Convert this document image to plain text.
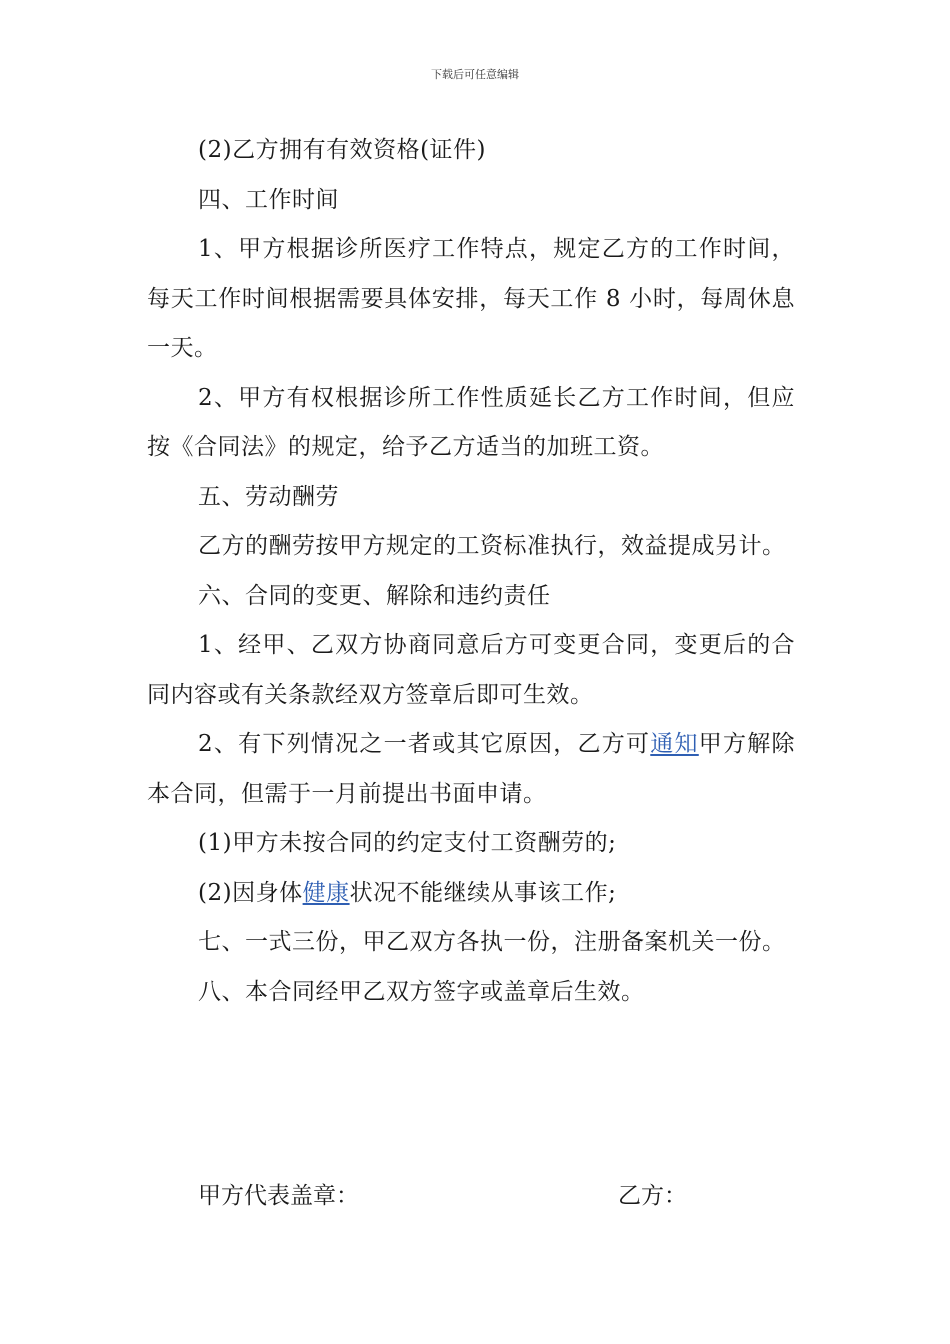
下载后可任意编辑

(2)乙方拥有有效资格(证件)

四、工作时间

1、甲方根据诊所医疗工作特点，规定乙方的工作时间，每天工作时间根据需要具体安排，每天工作 8 小时，每周休息一天。

2、甲方有权根据诊所工作性质延长乙方工作时间，但应按《合同法》的规定，给予乙方适当的加班工资。

五、劳动酬劳

乙方的酬劳按甲方规定的工资标准执行，效益提成另计。

六、合同的变更、解除和违约责任

1、经甲、乙双方协商同意后方可变更合同，变更后的合同内容或有关条款经双方签章后即可生效。

2、有下列情况之一者或其它原因，乙方可通知甲方解除本合同，但需于一月前提出书面申请。

(1)甲方未按合同的约定支付工资酬劳的;

(2)因身体健康状况不能继续从事该工作;

七、一式三份，甲乙双方各执一份，注册备案机关一份。

八、本合同经甲乙双方签字或盖章后生效。

甲方代表盖章：	乙方：
